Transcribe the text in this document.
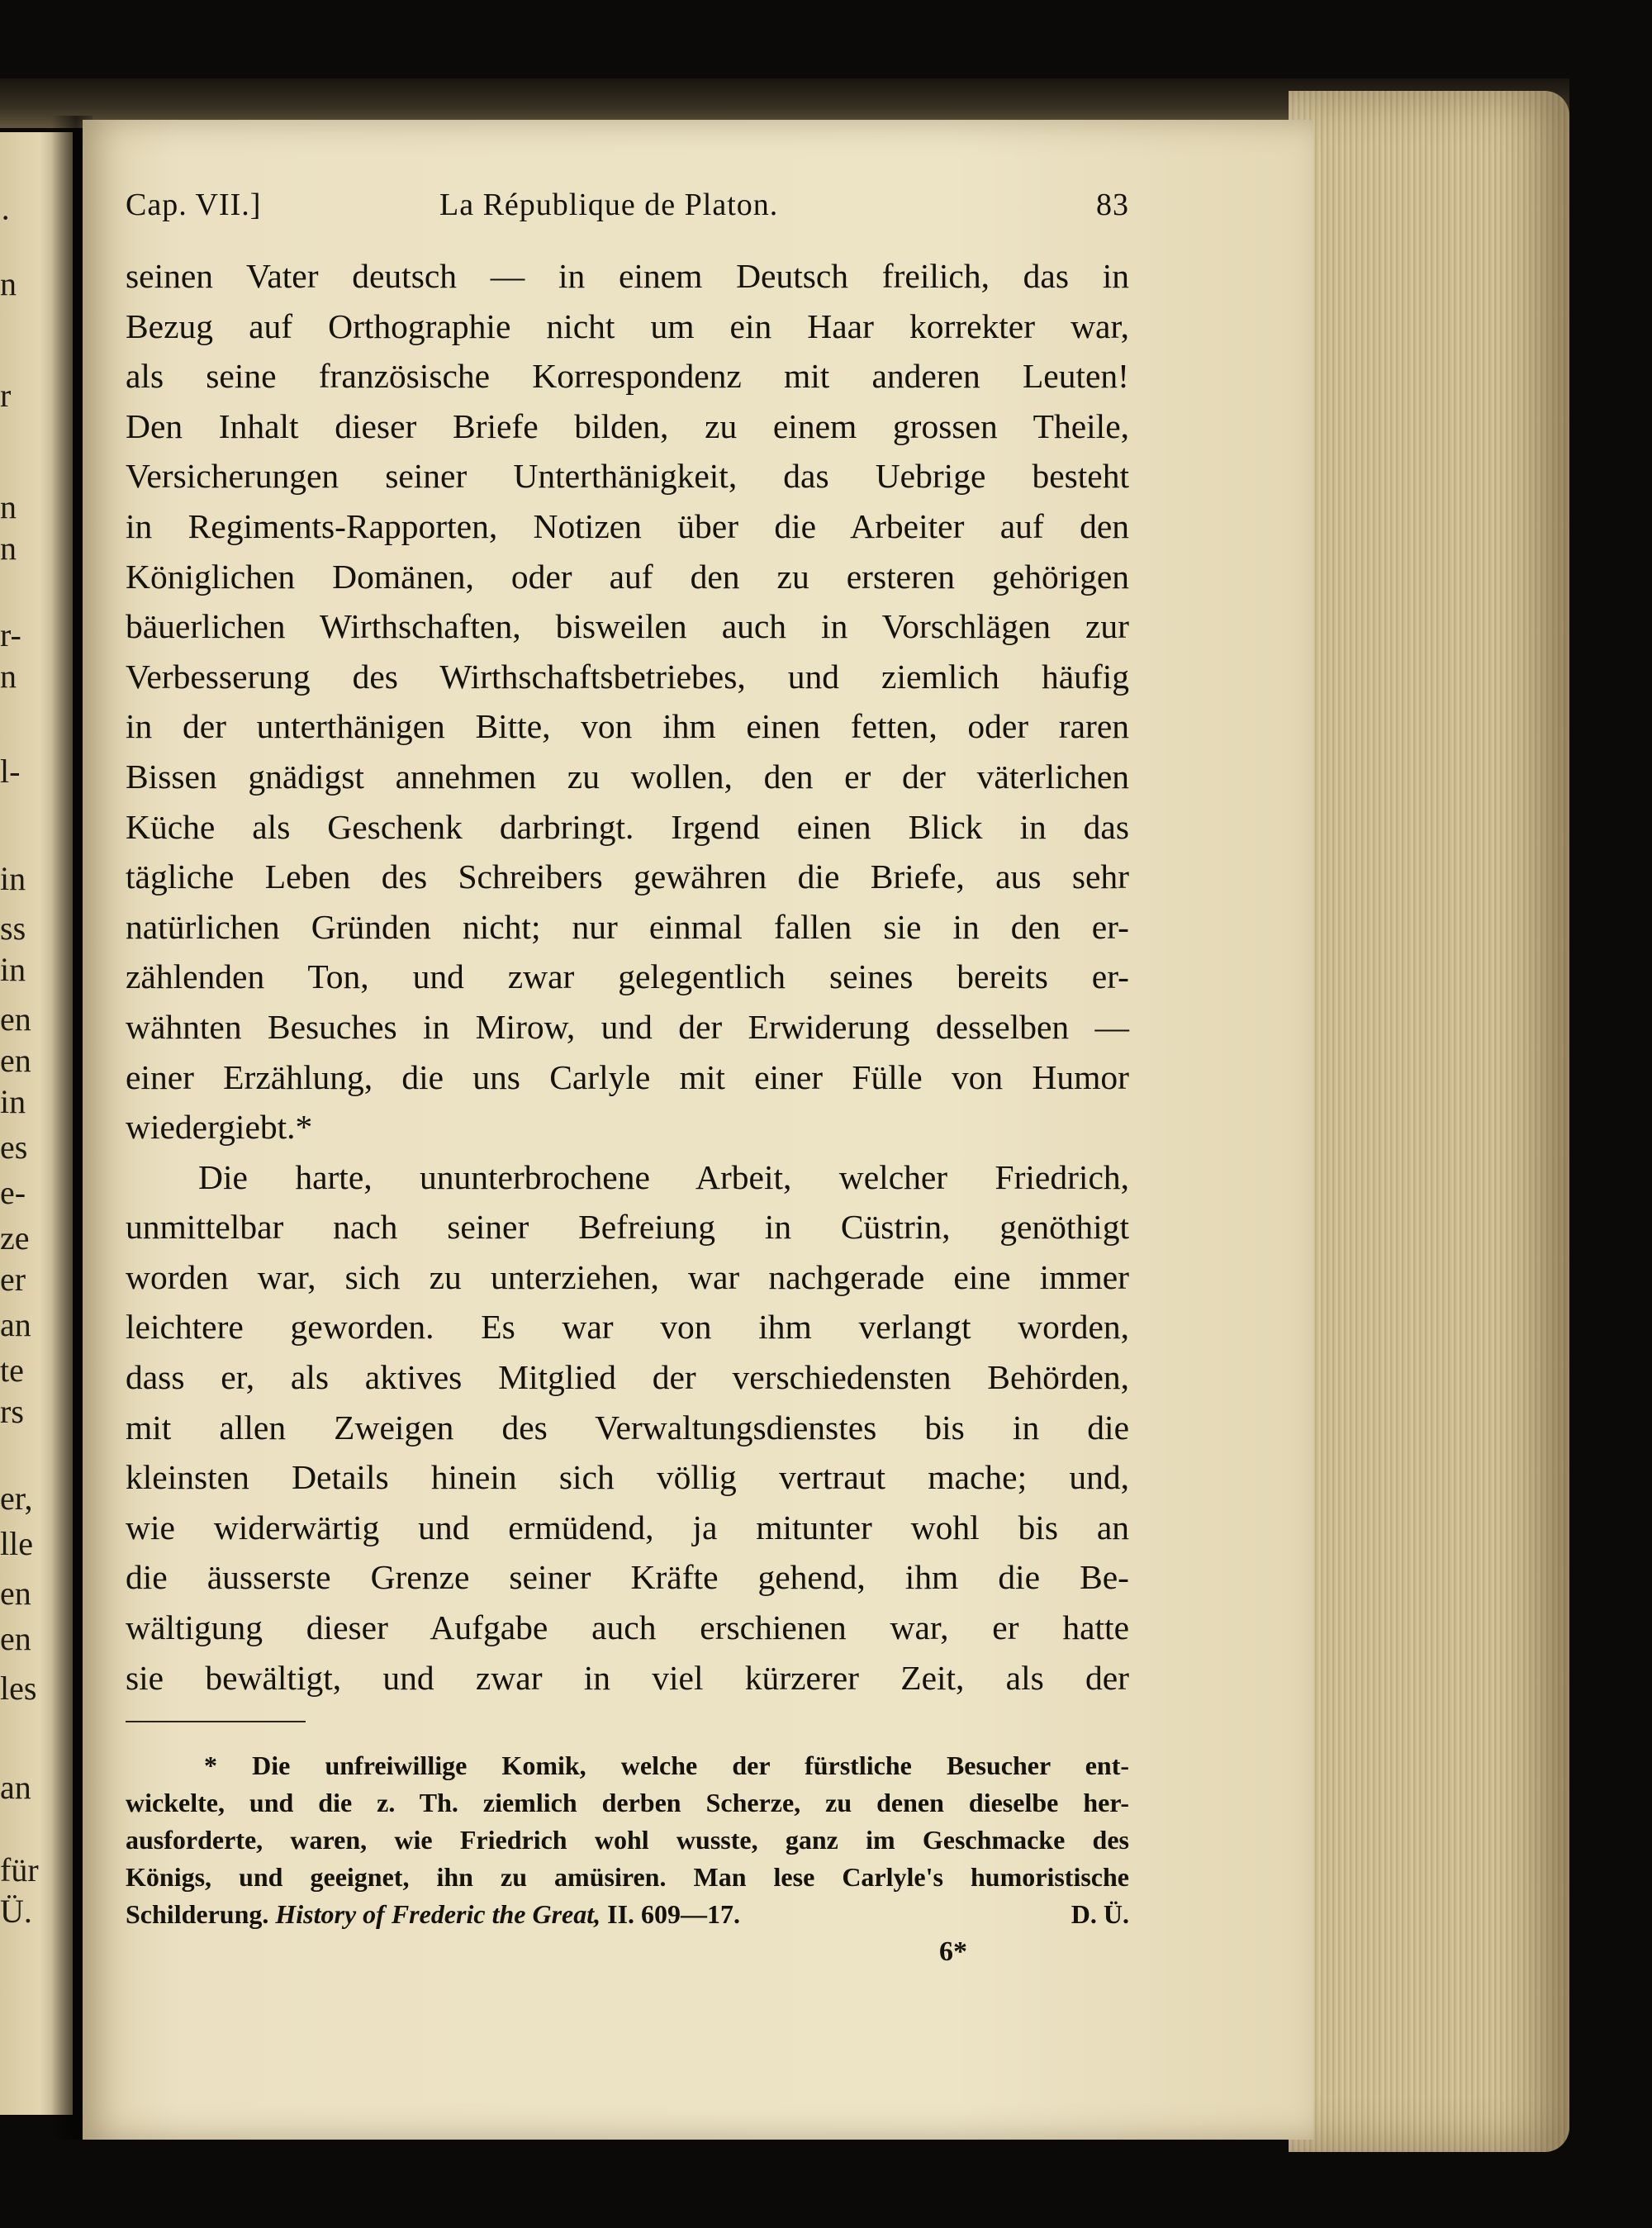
·
n
r
n
n
r-
n
l-
in
ss
in
en
en
in
es
e-
ze
er
an
te
rs
er,
lle
en
en
les
an
für
Ü.
Cap. VII.]	La République de Platon.	83
seinen Vater deutsch — in einem Deutsch freilich, das in
Bezug auf Orthographie nicht um ein Haar korrekter war,
als seine französische Korrespondenz mit anderen Leuten!
Den Inhalt dieser Briefe bilden, zu einem grossen Theile,
Versicherungen seiner Unterthänigkeit, das Uebrige besteht
in Regiments-Rapporten, Notizen über die Arbeiter auf den
Königlichen Domänen, oder auf den zu ersteren gehörigen
bäuerlichen Wirthschaften, bisweilen auch in Vorschlägen zur
Verbesserung des Wirthschaftsbetriebes, und ziemlich häufig
in der unterthänigen Bitte, von ihm einen fetten, oder raren
Bissen gnädigst annehmen zu wollen, den er der väterlichen
Küche als Geschenk darbringt. Irgend einen Blick in das
tägliche Leben des Schreibers gewähren die Briefe, aus sehr
natürlichen Gründen nicht; nur einmal fallen sie in den er-
zählenden Ton, und zwar gelegentlich seines bereits er-
wähnten Besuches in Mirow, und der Erwiderung desselben —
einer Erzählung, die uns Carlyle mit einer Fülle von Humor
wiedergiebt.*
Die harte, ununterbrochene Arbeit, welcher Friedrich,
unmittelbar nach seiner Befreiung in Cüstrin, genöthigt
worden war, sich zu unterziehen, war nachgerade eine immer
leichtere geworden. Es war von ihm verlangt worden,
dass er, als aktives Mitglied der verschiedensten Behörden,
mit allen Zweigen des Verwaltungsdienstes bis in die
kleinsten Details hinein sich völlig vertraut mache; und,
wie widerwärtig und ermüdend, ja mitunter wohl bis an
die äusserste Grenze seiner Kräfte gehend, ihm die Be-
wältigung dieser Aufgabe auch erschienen war, er hatte
sie bewältigt, und zwar in viel kürzerer Zeit, als der
* Die unfreiwillige Komik, welche der fürstliche Besucher ent-
wickelte, und die z. Th. ziemlich derben Scherze, zu denen dieselbe her-
ausforderte, waren, wie Friedrich wohl wusste, ganz im Geschmacke des
Königs, und geeignet, ihn zu amüsiren. Man lese Carlyle's humoristische
Schilderung. History of Frederic the Great, II. 609—17.	D. Ü.
6*
